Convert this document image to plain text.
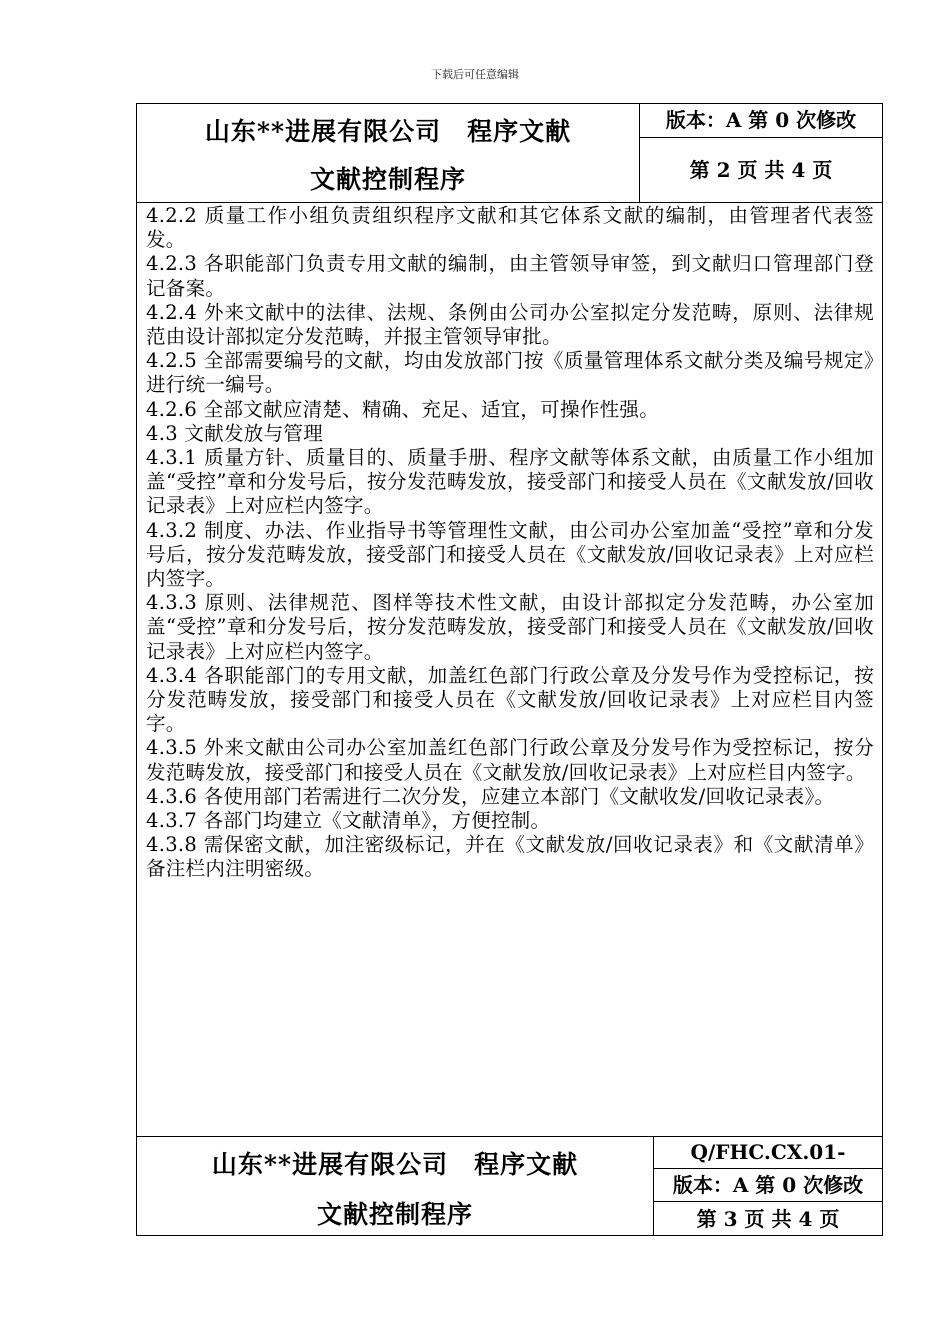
下载后可任意编辑
山东**进展有限公司　程序文献
文献控制程序
版本：A 第 0 次修改
第 2 页 共 4 页

4.2.2 质量工作小组负责组织程序文献和其它体系文献的编制，由管理者代表签发。

4.2.3 各职能部门负责专用文献的编制，由主管领导审签，到文献归口管理部门登记备案。

4.2.4 外来文献中的法律、法规、条例由公司办公室拟定分发范畴，原则、法律规范由设计部拟定分发范畴，并报主管领导审批。

4.2.5 全部需要编号的文献，均由发放部门按《质量管理体系文献分类及编号规定》进行统一编号。

4.2.6 全部文献应清楚、精确、充足、适宜，可操作性强。

4.3 文献发放与管理

4.3.1 质量方针、质量目的、质量手册、程序文献等体系文献，由质量工作小组加盖“受控”章和分发号后，按分发范畴发放，接受部门和接受人员在《文献发放/回收记录表》上对应栏内签字。

4.3.2 制度、办法、作业指导书等管理性文献，由公司办公室加盖“受控”章和分发号后，按分发范畴发放，接受部门和接受人员在《文献发放/回收记录表》上对应栏内签字。

4.3.3 原则、法律规范、图样等技术性文献，由设计部拟定分发范畴，办公室加盖“受控”章和分发号后，按分发范畴发放，接受部门和接受人员在《文献发放/回收记录表》上对应栏内签字。

4.3.4 各职能部门的专用文献，加盖红色部门行政公章及分发号作为受控标记，按分发范畴发放，接受部门和接受人员在《文献发放/回收记录表》上对应栏目内签字。

4.3.5 外来文献由公司办公室加盖红色部门行政公章及分发号作为受控标记，按分发范畴发放，接受部门和接受人员在《文献发放/回收记录表》上对应栏目内签字。

4.3.6 各使用部门若需进行二次分发，应建立本部门《文献收发/回收记录表》。

4.3.7 各部门均建立《文献清单》，方便控制。

4.3.8 需保密文献，加注密级标记，并在《文献发放/回收记录表》和《文献清单》备注栏内注明密级。

山东**进展有限公司　程序文献
文献控制程序
Q/FHC.CX.01-
版本：A 第 0 次修改
第 3 页 共 4 页
